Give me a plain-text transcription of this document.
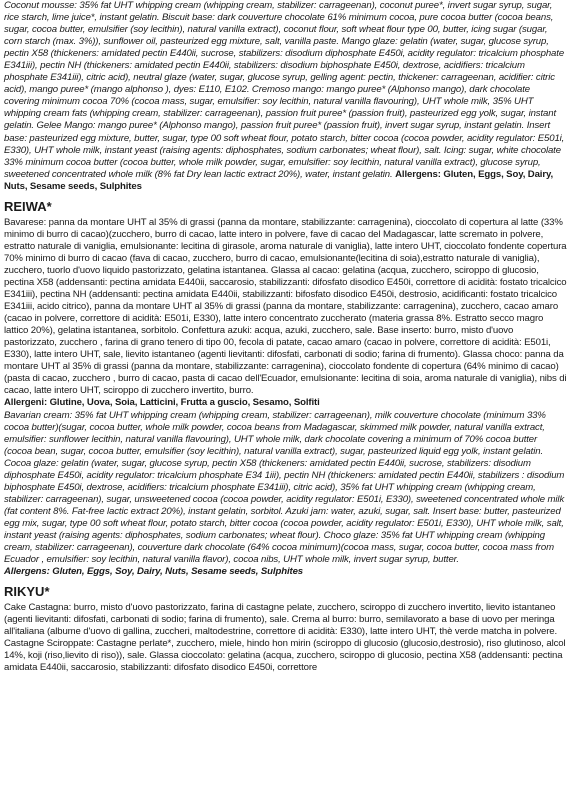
Coconut mousse: 35% fat UHT whipping cream (whipping cream, stabilizer: carrageenan), coconut puree*, invert sugar syrup, sugar, rice starch, lime juice*, instant gelatin. Biscuit base: dark couverture chocolate 61% minimum cocoa, pure cocoa butter (cocoa beans, sugar, cocoa butter, emulsifier (soy lecithin), natural vanilla extract), coconut flour, soft wheat flour type 00, butter, icing sugar (sugar, corn starch (max. 3%)), sunflower oil, pasteurized egg mixture, salt, vanilla paste. Mango glaze: gelatin (water, sugar, glucose syrup, pectin X58 (thickeners: amidated pectin E440ii, sucrose, stabilizers: disodium diphosphate E450i, acidity regulator: tricalcium phosphate E341iii), pectin NH (thickeners: amidated pectin E440ii, stabilizers: disodium biphosphate E450i, dextrose, acidifiers: tricalcium phosphate E341iii), citric acid), neutral glaze (water, sugar, glucose syrup, gelling agent: pectin, thickener: carrageenan, acidifier: citric acid), mango puree* (mango alphonso ), dyes: E110, E102. Cremoso mango: mango puree* (Alphonso mango), dark chocolate covering minimum cocoa 70% (cocoa mass, sugar, emulsifier: soy lecithin, natural vanilla flavouring), UHT whole milk, 35% UHT whipping cream fats (whipping cream, stabilizer: carrageenan), passion fruit puree* (passion fruit), pasteurized egg yolk, sugar, instant gelatin. Gelee Mango: mango puree* (Alphonso mango), passion fruit puree* (passion fruit), invert sugar syrup, instant gelatin. Insert base: pasteurized egg mixture, butter, sugar, type 00 soft wheat flour, potato starch, bitter cocoa (cocoa powder, acidity regulator: E501i, E330), UHT whole milk, instant yeast (raising agents: diphosphates, sodium carbonates; wheat flour), salt. Icing: sugar, white chocolate 33% minimum cocoa butter (cocoa butter, whole milk powder, sugar, emulsifier: soy lecithin, natural vanilla extract), glucose syrup, sweetened concentrated whole milk (8% fat Dry lean lactic extract 20%), water, instant gelatin. Allergens: Gluten, Eggs, Soy, Dairy, Nuts, Sesame seeds, Sulphites

REIWA*

Bavarese: panna da montare UHT al 35% di grassi (panna da montare, stabilizzante: carragenina), cioccolato di copertura al latte (33% minimo di burro di cacao)(zucchero, burro di cacao, latte intero in polvere, fave di cacao del Madagascar, latte scremato in polvere, estratto naturale di vaniglia, emulsionante: lecitina di girasole, aroma naturale di vaniglia), latte intero UHT, cioccolato fondente copertura 70% minimo di burro di cacao (fava di cacao, zucchero, burro di cacao, emulsionante(lecitina di soia),estratto naturale di vaniglia), zucchero, tuorlo d'uovo liquido pastorizzato, gelatina istantanea. Glassa al cacao: gelatina (acqua, zucchero, sciroppo di glucosio, pectina X58 (addensanti: pectina amidata E440ii, saccarosio, stabilizzanti: difosfato disodico E450i, correttore di acidità: fostato tricalcico E341iii), pectina NH (addensanti: pectina amidata E440ii, stabilizzanti: bifosfato disodico E450i, destrosio, acidificanti: fostato tricalcico E341iii, acido citrico), panna da montare UHT al 35% di grassi (panna da montare, stabilizzante: carragenina), zucchero, cacao amaro (cacao in polvere, correttore di acidità: E501i, E330), latte intero concentrato zuccherato (materia grassa 8%. Estratto secco magro lattico 20%), gelatina istantanea, sorbitolo. Confettura azuki: acqua, azuki, zucchero, sale. Base inserto: burro, misto d'uovo pastorizzato, zucchero , farina di grano tenero di tipo 00, fecola di patate, cacao amaro (cacao in polvere, correttore di acidità: E501i, E330), latte intero UHT, sale, lievito istantaneo (agenti lievitanti: difosfati, carbonati di sodio; farina di frumento). Glassa choco: panna da montare UHT al 35% di grassi (panna da montare, stabilizzante: carragenina), cioccolato fondente di copertura (64% minimo di cacao) (pasta di cacao, zucchero , burro di cacao, pasta di cacao dell'Ecuador, emulsionante: lecitina di soia, aroma naturale di vaniglia), nibs di cacao, latte intero UHT, sciroppo di zucchero invertito, burro.

Allergeni: Glutine, Uova, Soia, Latticini, Frutta a guscio, Sesamo, Solfiti

Bavarian cream: 35% fat UHT whipping cream (whipping cream, stabilizer: carrageenan), milk couverture chocolate (minimum 33% cocoa butter)(sugar, cocoa butter, whole milk powder, cocoa beans from Madagascar, skimmed milk powder, natural vanilla extract, emulsifier: sunflower lecithin, natural vanilla flavouring), UHT whole milk, dark chocolate covering a minimum of 70% cocoa butter (cocoa bean, sugar, cocoa butter, emulsifier (soy lecithin), natural vanilla extract), sugar, pasteurized liquid egg yolk, instant gelatin. Cocoa glaze: gelatin (water, sugar, glucose syrup, pectin X58 (thickeners: amidated pectin E440ii, sucrose, stabilizers: disodium diphosphate E450i, acidity regulator: tricalcium phosphate E34 1iii), pectin NH (thickeners: amidated pectin E440ii, stabilizers : disodium biphosphate E450i, dextrose, acidifiers: tricalcium phosphate E341iii), citric acid), 35% fat UHT whipping cream (whipping cream, stabilizer: carrageenan), sugar, unsweetened cocoa (cocoa powder, acidity regulator: E501i, E330), sweetened concentrated whole milk (fat content 8%. Fat-free lactic extract 20%), instant gelatin, sorbitol. Azuki jam: water, azuki, sugar, salt. Insert base: butter, pasteurized egg mix, sugar, type 00 soft wheat flour, potato starch, bitter cocoa (cocoa powder, acidity regulator: E501i, E330), UHT whole milk, salt, instant yeast (raising agents: diphosphates, sodium carbonates; wheat flour). Choco glaze: 35% fat UHT whipping cream (whipping cream, stabilizer: carrageenan), couverture dark chocolate (64% cocoa minimum)(cocoa mass, sugar, cocoa butter, cocoa mass from Ecuador , emulsifier: soy lecithin, natural vanilla flavor), cocoa nibs, UHT whole milk, invert sugar syrup, butter.

Allergens: Gluten, Eggs, Soy, Dairy, Nuts, Sesame seeds, Sulphites

RIKYU*

Cake Castagna: burro, misto d'uovo pastorizzato, farina di castagne pelate, zucchero, sciroppo di zucchero invertito, lievito istantaneo (agenti lievitanti: difosfati, carbonati di sodio; farina di frumento), sale. Crema al burro: burro, semilavorato a base di uovo per meringa all'italiana (albume d'uovo di gallina, zuccheri, maltodestrine, correttore di acidità: E330), latte intero UHT, thè verde matcha in polvere. Castagne Sciroppate: Castagne perlate*, zucchero, miele, hindo hon mirin (sciroppo di glucosio (glucosio,destrosio), riso glutinoso, alcol 14%, koji (riso,lievito di riso)), sale. Glassa cioccolato: gelatina (acqua, zucchero, sciroppo di glucosio, pectina X58 (addensanti: pectina amidata E440ii, saccarosio, stabilizzanti: difosfato disodico E450i, correttore
